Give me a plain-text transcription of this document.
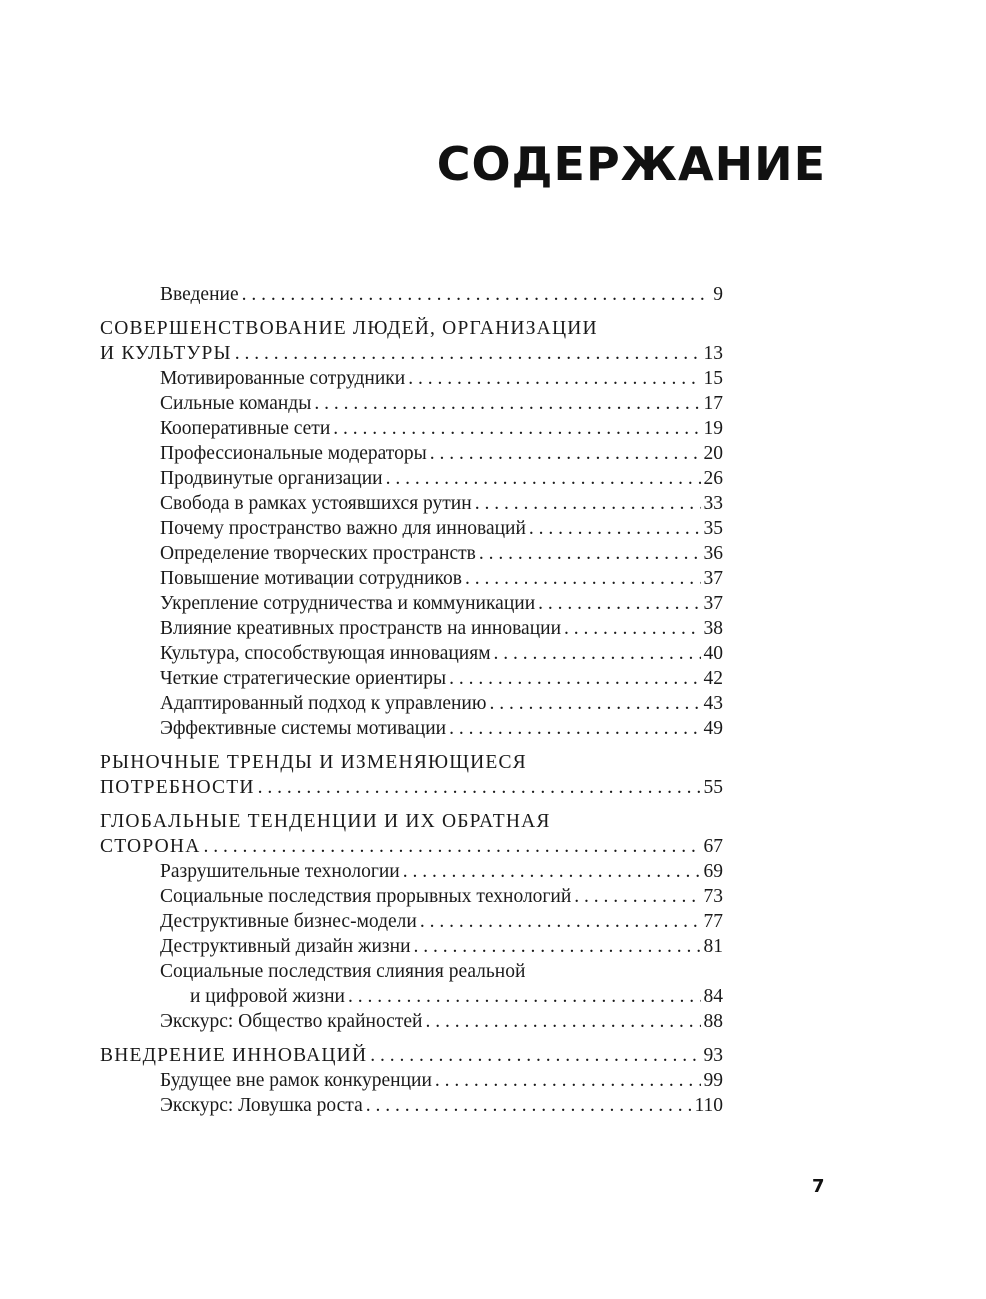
СОДЕРЖАНИЕ
Введение . . .	9
СОВЕРШЕНСТВОВАНИЕ ЛЮДЕЙ, ОРГАНИЗАЦИИ
И КУЛЬТУРЫ . . .	13
Мотивированные сотрудники . . .	15
Сильные команды . . .	17
Кооперативные сети . . .	19
Профессиональные модераторы . . .	20
Продвинутые организации . . .	26
Свобода в рамках устоявшихся рутин . . .	33
Почему пространство важно для инноваций . . .	35
Определение творческих пространств . . .	36
Повышение мотивации сотрудников . . .	37
Укрепление сотрудничества и коммуникации . . .	37
Влияние креативных пространств на инновации . . .	38
Культура, способствующая инновациям . . .	40
Четкие стратегические ориентиры . . .	42
Адаптированный подход к управлению . . .	43
Эффективные системы мотивации . . .	49
РЫНОЧНЫЕ ТРЕНДЫ И ИЗМЕНЯЮЩИЕСЯ
ПОТРЕБНОСТИ . . .	55
ГЛОБАЛЬНЫЕ ТЕНДЕНЦИИ И ИХ ОБРАТНАЯ
СТОРОНА . . .	67
Разрушительные технологии . . .	69
Социальные последствия прорывных технологий . . .	73
Деструктивные бизнес-модели . . .	77
Деструктивный дизайн жизни . . .	81
Социальные последствия слияния реальной
и цифровой жизни . . .	84
Экскурс: Общество крайностей . . .	88
ВНЕДРЕНИЕ ИННОВАЦИЙ . . .	93
Будущее вне рамок конкуренции . . .	99
Экскурс: Ловушка роста . . .	110
7
